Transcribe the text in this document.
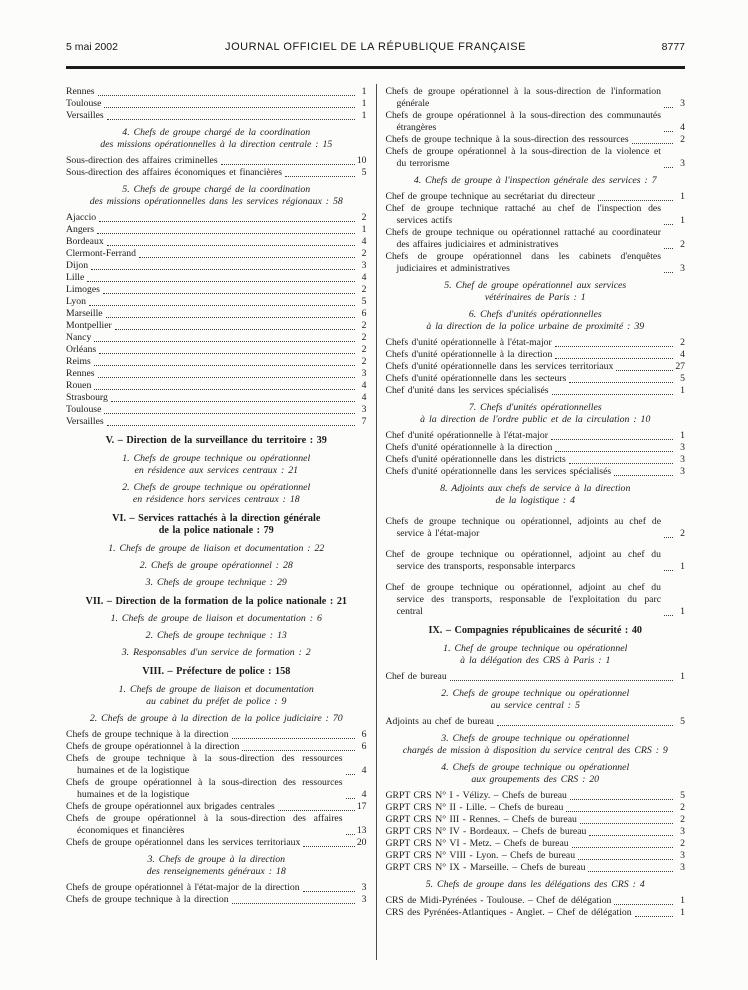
5 mai 2002	JOURNAL OFFICIEL DE LA RÉPUBLIQUE FRANÇAISE	8777
Rennes	1
Toulouse	1
Versailles	1
4. Chefs de groupe chargé de la coordination
des missions opérationnelles à la direction centrale : 15
Sous-direction des affaires criminelles	10
Sous-direction des affaires économiques et financières	5
5. Chefs de groupe chargé de la coordination
des missions opérationnelles dans les services régionaux : 58
Ajaccio	2
Angers	1
Bordeaux	4
Clermont-Ferrand	2
Dijon	3
Lille	4
Limoges	2
Lyon	5
Marseille	6
Montpellier	2
Nancy	2
Orléans	2
Reims	2
Rennes	3
Rouen	4
Strasbourg	4
Toulouse	3
Versailles	7
V. – Direction de la surveillance du territoire : 39
1. Chefs de groupe technique ou opérationnel
en résidence aux services centraux : 21
2. Chefs de groupe technique ou opérationnel
en résidence hors services centraux : 18
VI. – Services rattachés à la direction générale
de la police nationale : 79
1. Chefs de groupe de liaison et documentation : 22
2. Chefs de groupe opérationnel : 28
3. Chefs de groupe technique : 29
VII. – Direction de la formation de la police nationale : 21
1. Chefs de groupe de liaison et documentation : 6
2. Chefs de groupe technique : 13
3. Responsables d'un service de formation : 2
VIII. – Préfecture de police : 158
1. Chefs de groupe de liaison et documentation
au cabinet du préfet de police : 9
2. Chefs de groupe à la direction de la police judiciaire : 70
Chefs de groupe technique à la direction	6
Chefs de groupe opérationnel à la direction	6
Chefs de groupe technique à la sous-direction des ressources humaines et de la logistique	4
Chefs de groupe opérationnel à la sous-direction des ressources humaines et de la logistique	4
Chefs de groupe opérationnel aux brigades centrales	17
Chefs de groupe opérationnel à la sous-direction des affaires économiques et financières	13
Chefs de groupe opérationnel dans les services territoriaux	20
3. Chefs de groupe à la direction
des renseignements généraux : 18
Chefs de groupe opérationnel à l'état-major de la direction	3
Chefs de groupe technique à la direction	3
Chefs de groupe opérationnel à la sous-direction de l'information générale	3
Chefs de groupe opérationnel à la sous-direction des communautés étrangères	4
Chefs de groupe technique à la sous-direction des ressources	2
Chefs de groupe opérationnel à la sous-direction de la violence et du terrorisme	3
4. Chefs de groupe à l'inspection générale des services : 7
Chef de groupe technique au secrétariat du directeur	1
Chef de groupe technique rattaché au chef de l'inspection des services actifs	1
Chefs de groupe technique ou opérationnel rattaché au coordinateur des affaires judiciaires et administratives	2
Chefs de groupe opérationnel dans les cabinets d'enquêtes judiciaires et administratives	3
5. Chef de groupe opérationnel aux services
vétérinaires de Paris : 1
6. Chefs d'unités opérationnelles
à la direction de la police urbaine de proximité : 39
Chefs d'unité opérationnelle à l'état-major	2
Chefs d'unité opérationnelle à la direction	4
Chefs d'unité opérationnelle dans les services territoriaux	27
Chefs d'unité opérationnelle dans les secteurs	5
Chef d'unité dans les services spécialisés	1
7. Chefs d'unités opérationnelles
à la direction de l'ordre public et de la circulation : 10
Chef d'unité opérationnelle à l'état-major	1
Chefs d'unité opérationnelle à la direction	3
Chefs d'unité opérationnelle dans les districts	3
Chefs d'unité opérationnelle dans les services spécialisés	3
8. Adjoints aux chefs de service à la direction
de la logistique : 4
Chefs de groupe technique ou opérationnel, adjoints au chef de service à l'état-major	2
Chef de groupe technique ou opérationnel, adjoint au chef du service des transports, responsable interparcs	1
Chef de groupe technique ou opérationnel, adjoint au chef du service des transports, responsable de l'exploitation du parc central	1
IX. – Compagnies républicaines de sécurité : 40
1. Chef de groupe technique ou opérationnel
à la délégation des CRS à Paris : 1
Chef de bureau	1
2. Chefs de groupe technique ou opérationnel
au service central : 5
Adjoints au chef de bureau	5
3. Chefs de groupe technique ou opérationnel
chargés de mission à disposition du service central des CRS : 9
4. Chefs de groupe technique ou opérationnel
aux groupements des CRS : 20
GRPT CRS N° I - Vélizy. – Chefs de bureau	5
GRPT CRS N° II - Lille. – Chefs de bureau	2
GRPT CRS N° III - Rennes. – Chefs de bureau	2
GRPT CRS N° IV - Bordeaux. – Chefs de bureau	3
GRPT CRS N° VI - Metz. – Chefs de bureau	2
GRPT CRS N° VIII - Lyon. – Chefs de bureau	3
GRPT CRS N° IX - Marseille. – Chefs de bureau	3
5. Chefs de groupe dans les délégations des CRS : 4
CRS de Midi-Pyrénées - Toulouse. – Chef de délégation	1
CRS des Pyrénées-Atlantiques - Anglet. – Chef de délégation	1
